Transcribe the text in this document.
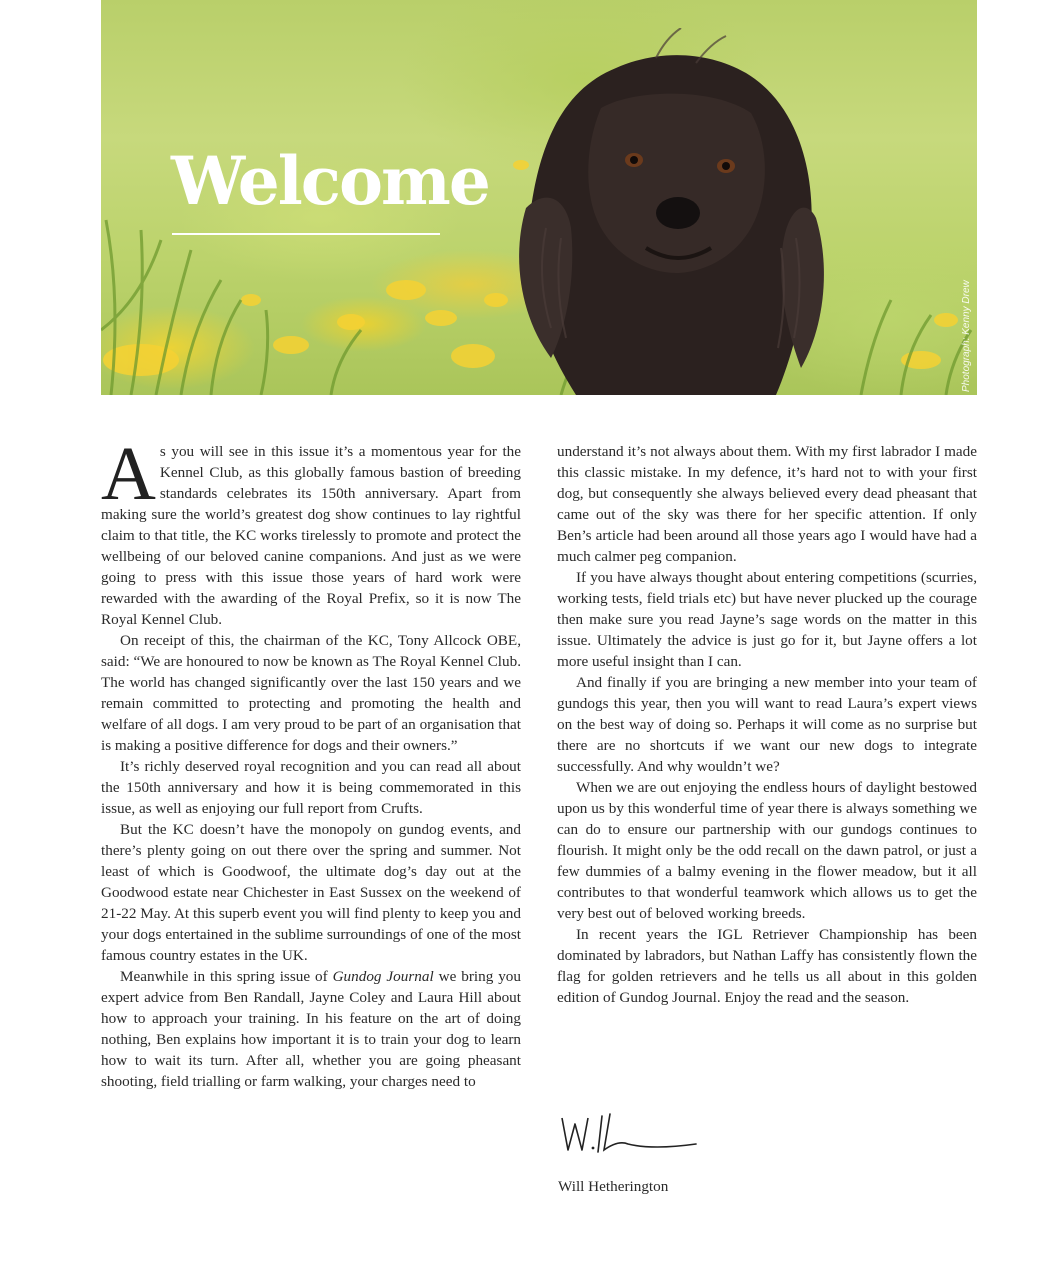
Welcome
Photograph: Kenny Drew

As you will see in this issue it’s a momentous year for the Kennel Club, as this globally famous bastion of breeding standards celebrates its 150th anniversary. Apart from making sure the world’s greatest dog show continues to lay rightful claim to that title, the KC works tirelessly to promote and protect the wellbeing of our beloved canine companions. And just as we were going to press with this issue those years of hard work were rewarded with the awarding of the Royal Prefix, so it is now The Royal Kennel Club.

On receipt of this, the chairman of the KC, Tony Allcock OBE, said: “We are honoured to now be known as The Royal Kennel Club. The world has changed significantly over the last 150 years and we remain committed to protecting and promoting the health and welfare of all dogs. I am very proud to be part of an organisation that is making a positive difference for dogs and their owners.”

It’s richly deserved royal recognition and you can read all about the 150th anniversary and how it is being commemorated in this issue, as well as enjoying our full report from Crufts.

But the KC doesn’t have the monopoly on gundog events, and there’s plenty going on out there over the spring and summer. Not least of which is Goodwoof, the ultimate dog’s day out at the Goodwood estate near Chichester in East Sussex on the weekend of 21-22 May. At this superb event you will find plenty to keep you and your dogs entertained in the sublime surroundings of one of the most famous country estates in the UK.

Meanwhile in this spring issue of Gundog Journal we bring you expert advice from Ben Randall, Jayne Coley and Laura Hill about how to approach your training. In his feature on the art of doing nothing, Ben explains how important it is to train your dog to learn how to wait its turn. After all, whether you are going pheasant shooting, field trialling or farm walking, your charges need to

understand it’s not always about them. With my first labrador I made this classic mistake. In my defence, it’s hard not to with your first dog, but consequently she always believed every dead pheasant that came out of the sky was there for her specific attention. If only Ben’s article had been around all those years ago I would have had a much calmer peg companion.

If you have always thought about entering competitions (scurries, working tests, field trials etc) but have never plucked up the courage then make sure you read Jayne’s sage words on the matter in this issue. Ultimately the advice is just go for it, but Jayne offers a lot more useful insight than I can.

And finally if you are bringing a new member into your team of gundogs this year, then you will want to read Laura’s expert views on the best way of doing so. Perhaps it will come as no surprise but there are no shortcuts if we want our new dogs to integrate successfully. And why wouldn’t we?

When we are out enjoying the endless hours of daylight bestowed upon us by this wonderful time of year there is always something we can do to ensure our partnership with our gundogs continues to flourish. It might only be the odd recall on the dawn patrol, or just a few dummies of a balmy evening in the flower meadow, but it all contributes to that wonderful teamwork which allows us to get the very best out of beloved working breeds.

In recent years the IGL Retriever Championship has been dominated by labradors, but Nathan Laffy has consistently flown the flag for golden retrievers and he tells us all about in this golden edition of Gundog Journal. Enjoy the read and the season.

Will Hetherington
